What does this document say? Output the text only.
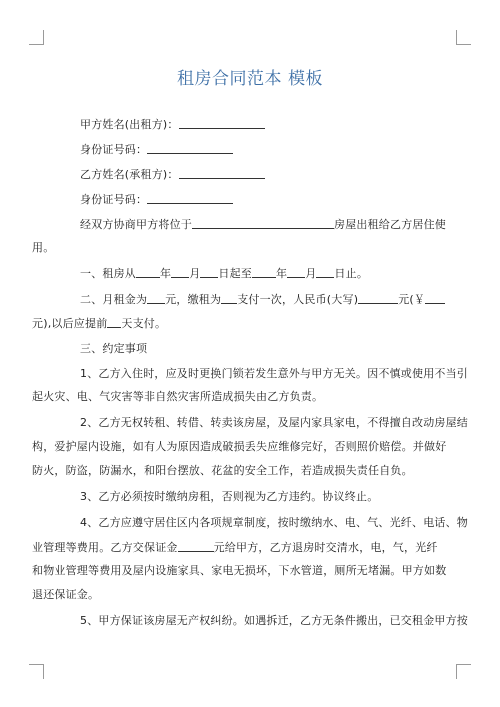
租房合同范本 模板
甲方姓名(出租方)：
身份证号码：
乙方姓名(承租方)：
身份证号码：
经双方协商甲方将位于	房屋出租给乙方居住使
用。
一、租房从 年 月 日起至 年 月 日止。
二、月租金为 元，缴租为 支付一次，人民币(大写)	元(￥
元),以后应提前 天支付。
三、约定事项
1、乙方入住时，应及时更换门锁若发生意外与甲方无关。因不慎或使用不当引
起火灾、电、气灾害等非自然灾害所造成损失由乙方负责。
2、乙方无权转租、转借、转卖该房屋，及屋内家具家电，不得擅自改动房屋结
构，爱护屋内设施，如有人为原因造成破损丢失应维修完好，否则照价赔偿。并做好
防火，防盗，防漏水，和阳台摆放、花盆的安全工作，若造成损失责任自负。
3、乙方必须按时缴纳房租，否则视为乙方违约。协议终止。
4、乙方应遵守居住区内各项规章制度，按时缴纳水、电、气、光纤、电话、物
业管理等费用。乙方交保证金	元给甲方，乙方退房时交清水，电，气，光纤
和物业管理等费用及屋内设施家具、家电无损坏，下水管道，厕所无堵漏。甲方如数
退还保证金。
5、甲方保证该房屋无产权纠纷。如遇拆迁，乙方无条件搬出，已交租金甲方按
